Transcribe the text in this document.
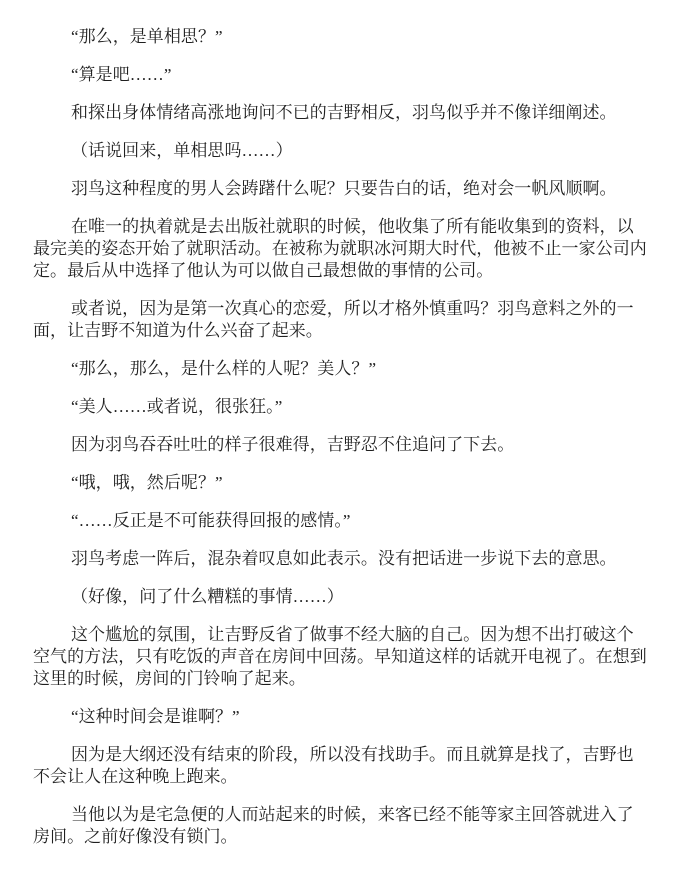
“那么，是单相思？”

“算是吧……”

和探出身体情绪高涨地询问不已的吉野相反，羽鸟似乎并不像详细阐述。

（话说回来，单相思吗……）

羽鸟这种程度的男人会踌躇什么呢？只要告白的话，绝对会一帆风顺啊。

在唯一的执着就是去出版社就职的时候，他收集了所有能收集到的资料，以最完美的姿态开始了就职活动。在被称为就职冰河期大时代，他被不止一家公司内定。最后从中选择了他认为可以做自己最想做的事情的公司。

或者说，因为是第一次真心的恋爱，所以才格外慎重吗？羽鸟意料之外的一面，让吉野不知道为什么兴奋了起来。

“那么，那么，是什么样的人呢？美人？”

“美人……或者说，很张狂。”

因为羽鸟吞吞吐吐的样子很难得，吉野忍不住追问了下去。

“哦，哦，然后呢？”

“……反正是不可能获得回报的感情。”

羽鸟考虑一阵后，混杂着叹息如此表示。没有把话进一步说下去的意思。

（好像，问了什么糟糕的事情……）

这个尴尬的氛围，让吉野反省了做事不经大脑的自己。因为想不出打破这个空气的方法，只有吃饭的声音在房间中回荡。早知道这样的话就开电视了。在想到这里的时候，房间的门铃响了起来。

“这种时间会是谁啊？”

因为是大纲还没有结束的阶段，所以没有找助手。而且就算是找了，吉野也不会让人在这种晚上跑来。

当他以为是宅急便的人而站起来的时候，来客已经不能等家主回答就进入了房间。之前好像没有锁门。
